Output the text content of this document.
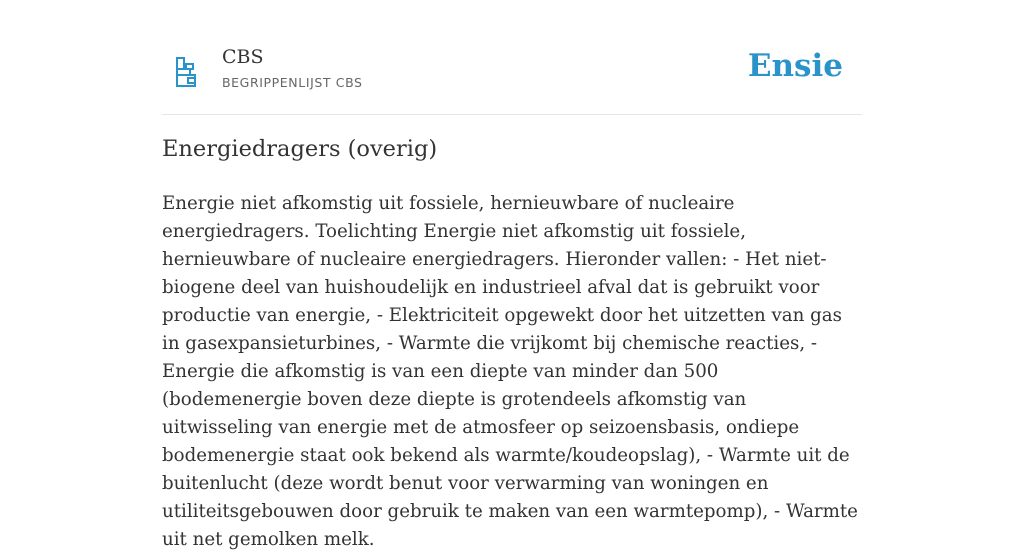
CBS
BEGRIPPENLIJST CBS	Ensie
Energiedragers (overig)

Energie niet afkomstig uit fossiele, hernieuwbare of nucleaire energiedragers. Toelichting Energie niet afkomstig uit fossiele, hernieuwbare of nucleaire energiedragers. Hieronder vallen: - Het niet-biogene deel van huishoudelijk en industrieel afval dat is gebruikt voor productie van energie, - Elektriciteit opgewekt door het uitzetten van gas in gasexpansieturbines, - Warmte die vrijkomt bij chemische reacties, - Energie die afkomstig is van een diepte van minder dan 500 (bodemenergie boven deze diepte is grotendeels afkomstig van uitwisseling van energie met de atmosfeer op seizoensbasis, ondiepe bodemenergie staat ook bekend als warmte/koudeopslag), - Warmte uit de buitenlucht (deze wordt benut voor verwarming van woningen en utiliteitsgebouwen door gebruik te maken van een warmtepomp), - Warmte uit net gemolken melk.
